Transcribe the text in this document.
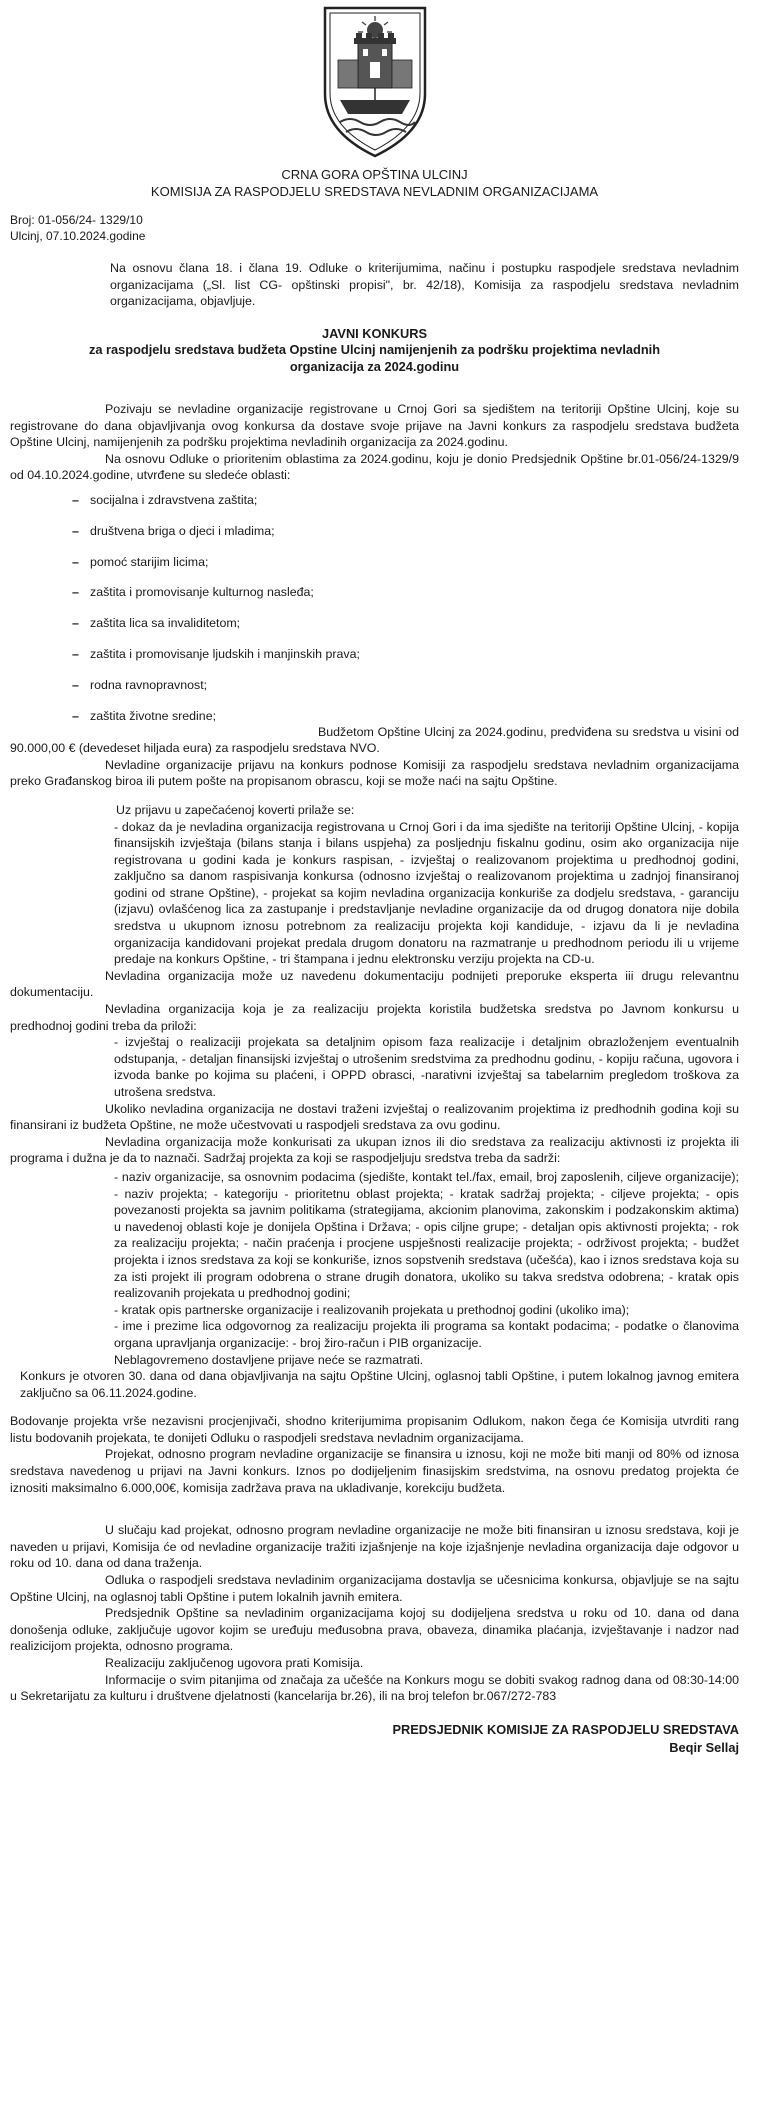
CRNA GORA OPŠTINA ULCINJ
KOMISIJA ZA RASPODJELU SREDSTAVA NEVLADNIM ORGANIZACIJAMA
Broj: 01-056/24- 1329/10
Ulcinj, 07.10.2024.godine

Na osnovu člana 18. i člana 19. Odluke o kriterijumima, načinu i postupku raspodjele sredstava nevladnim organizacijama („Sl. list CG- opštinski propisi", br. 42/18), Komisija za raspodjelu sredstava nevladnim organizacijama, objavljuje.

JAVNI KONKURS
za raspodjelu sredstava budžeta Opstine Ulcinj namijenjenih za podršku projektima nevladnih
organizacija za 2024.godinu

Pozivaju se nevladine organizacije registrovane u Crnoj Gori sa sjedištem na teritoriji Opštine Ulcinj, koje su registrovane do dana objavljivanja ovog konkursa da dostave svoje prijave na Javni konkurs za raspodjelu sredstava budžeta Opštine Ulcinj, namijenjenih za podršku projektima nevladinih organizacija za 2024.godinu.

Na osnovu Odluke o prioritenim oblastima za 2024.godinu, koju je donio Predsjednik Opštine br.01-056/24-1329/9 od 04.10.2024.godine, utvrđene su sledeće oblasti:

– socijalna i zdravstvena zaštita;
– društvena briga o djeci i mladima;
– pomoć starijim licima;
– zaštita i promovisanje kulturnog nasleđa;
– zaštita lica sa invaliditetom;
– zaštita i promovisanje ljudskih i manjinskih prava;
– rodna ravnopravnost;
– zaštita životne sredine;

Budžetom Opštine Ulcinj za 2024.godinu, predviđena su sredstva u visini od 90.000,00 € (devedeset hiljada eura) za raspodjelu sredstava NVO.

Nevladine organizacije prijavu na konkurs podnose Komisiji za raspodjelu sredstava nevladnim organizacijama preko Građanskog biroa ili putem pošte na propisanom obrascu, koji se može naći na sajtu Opštine.

Uz prijavu u zapečaćenoj koverti prilaže se:

- dokaz da je nevladina organizacija registrovana u Crnoj Gori i da ima sjedište na teritoriji Opštine Ulcinj, - kopija finansijskih izvještaja (bilans stanja i bilans uspjeha) za posljednju fiskalnu godinu, osim ako organizacija nije registrovana u godini kada je konkurs raspisan, - izvještaj o realizovanom projektima u predhodnoj godini, zaključno sa danom raspisivanja konkursa (odnosno izvještaj o realizovanom projektima u zadnjoj finansiranoj godini od strane Opštine), - projekat sa kojim nevladina organizacija konkuriše za dodjelu sredstava, - garanciju (izjavu) ovlašćenog lica za zastupanje i predstavljanje nevladine organizacije da od drugog donatora nije dobila sredstva u ukupnom iznosu potrebnom za realizaciju projekta koji kandiduje, - izjavu da li je nevladina organizacija kandidovani projekat predala drugom donatoru na razmatranje u predhodnom periodu ili u vrijeme predaje na konkurs Opštine, - tri štampana i jednu elektronsku verziju projekta na CD-u.

Nevladina organizacija može uz navedenu dokumentaciju podnijeti preporuke eksperta iii drugu relevantnu dokumentaciju.

Nevladina organizacija koja je za realizaciju projekta koristila budžetska sredstva po Javnom konkursu u predhodnoj godini treba da priloži:

- izvještaj o realizaciji projekata sa detaljnim opisom faza realizacije i detaljnim obrazloženjem eventualnih odstupanja, - detaljan finansijski izvještaj o utrošenim sredstvima za predhodnu godinu, - kopiju računa, ugovora i izvoda banke po kojima su plaćeni, i OPPD obrasci, -narativni izvještaj sa tabelarnim pregledom troškova za utrošena sredstva.

Ukoliko nevladina organizacija ne dostavi traženi izvještaj o realizovanim projektima iz predhodnih godina koji su finansirani iz budžeta Opštine, ne može učestvovati u raspodjeli sredstava za ovu godinu.

Nevladina organizacija može konkurisati za ukupan iznos ili dio sredstava za realizaciju aktivnosti iz projekta ili programa i dužna je da to naznači. Sadržaj projekta za koji se raspodjeljuju sredstva treba da sadrži:

- naziv organizacije, sa osnovnim podacima (sjedište, kontakt tel./fax, email, broj zaposlenih, ciljeve organizacije); - naziv projekta; - kategoriju - prioritetnu oblast projekta; - kratak sadržaj projekta; - ciljeve projekta; - opis povezanosti projekta sa javnim politikama (strategijama, akcionim planovima, zakonskim i podzakonskim aktima) u navedenoj oblasti koje je donijela Opština i Država; - opis ciljne grupe; - detaljan opis aktivnosti projekta; - rok za realizaciju projekta; - način praćenja i procjene uspješnosti realizacije projekta; - održivost projekta; - budžet projekta i iznos sredstava za koji se konkuriše, iznos sopstvenih sredstava (učešća), kao i iznos sredstava koja su za isti projekt ili program odobrena o strane drugih donatora, ukoliko su takva sredstva odobrena; - kratak opis realizovanih projekata u predhodnoj godini;

- kratak opis partnerske organizacije i realizovanih projekata u prethodnoj godini (ukoliko ima);

- ime i prezime lica odgovornog za realizaciju projekta ili programa sa kontakt podacima; - podatke o članovima organa upravljanja organizacije: - broj žiro-račun i PIB organizacije.

Neblagovremeno dostavljene prijave neće se razmatrati.

Konkurs je otvoren 30. dana od dana objavljivanja na sajtu Opštine Ulcinj, oglasnoj tabli Opštine, i putem lokalnog javnog emitera zaključno sa 06.11.2024.godine.

Bodovanje projekta vrše nezavisni procjenjivači, shodno kriterijumima propisanim Odlukom, nakon čega će Komisija utvrditi rang listu bodovanih projekata, te donijeti Odluku o raspodjeli sredstava nevladnim organizacijama.

Projekat, odnosno program nevladine organizacije se finansira u iznosu, koji ne može biti manji od 80% od iznosa sredstava navedenog u prijavi na Javni konkurs. Iznos po dodijeljenim finasijskim sredstvima, na osnovu predatog projekta će iznositi maksimalno 6.000,00€, komisija zadržava prava na ukladivanje, korekciju budžeta.

U slučaju kad projekat, odnosno program nevladine organizacije ne može biti finansiran u iznosu sredstava, koji je naveden u prijavi, Komisija će od nevladine organizacije tražiti izjašnjenje na koje izjašnjenje nevladina organizacija daje odgovor u roku od 10. dana od dana traženja.

Odluka o raspodjeli sredstava nevladinim organizacijama dostavlja se učesnicima konkursa, objavljuje se na sajtu Opštine Ulcinj, na oglasnoj tabli Opštine i putem lokalnih javnih emitera.

Predsjednik Opštine sa nevladinim organizacijama kojoj su dodijeljena sredstva u roku od 10. dana od dana donošenja odluke, zaključuje ugovor kojim se uređuju međusobna prava, obaveza, dinamika plaćanja, izvještavanje i nadzor nad realizicijom projekta, odnosno programa.

Realizaciju zaključenog ugovora prati Komisija.

Informacije o svim pitanjima od značaja za učešće na Konkurs mogu se dobiti svakog radnog dana od 08:30-14:00 u Sekretarijatu za kulturu i društvene djelatnosti (kancelarija br.26), ili na broj telefon br.067/272-783

PREDSJEDNIK KOMISIJE ZA RASPODJELU SREDSTAVA
Beqir Sellaj
